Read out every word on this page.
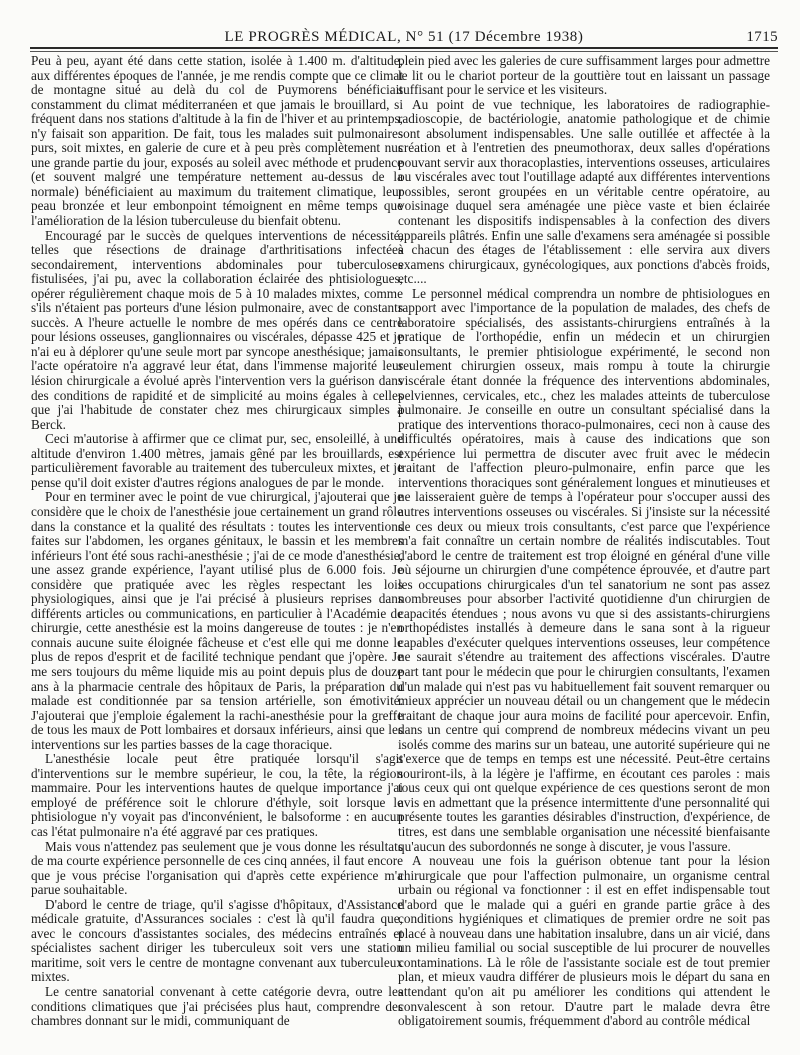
LE PROGRÈS MÉDICAL, N° 51 (17 Décembre 1938)	1715

Peu à peu, ayant été dans cette station, isolée à 1.400 m. d'altitude, aux différentes époques de l'année, je me rendis compte que ce climat de montagne situé au delà du col de Puymorens bénéficiait constamment du climat méditerranéen et que jamais le brouillard, si fréquent dans nos stations d'altitude à la fin de l'hiver et au printemps, n'y faisait son apparition. De fait, tous les malades suit pulmonaires purs, soit mixtes, en galerie de cure et à peu près complètement nus une grande partie du jour, exposés au soleil avec méthode et prudence (et souvent malgré une température nettement au-dessus de la normale) bénéficiaient au maximum du traitement climatique, leur peau bronzée et leur embonpoint témoignent en même temps que l'amélioration de la lésion tuberculeuse du bienfait obtenu.

Encouragé par le succès de quelques interventions de nécessité, telles que résections de drainage d'arthritisations infectées secondairement, interventions abdominales pour tuberculoses fistulisées, j'ai pu, avec la collaboration éclairée des phtisiologues, opérer régulièrement chaque mois de 5 à 10 malades mixtes, comme s'ils n'étaient pas porteurs d'une lésion pulmonaire, avec de constants succès. A l'heure actuelle le nombre de mes opérés dans ce centre pour lésions osseuses, ganglionnaires ou viscérales, dépasse 425 et je n'ai eu à déplorer qu'une seule mort par syncope anesthésique; jamais l'acte opératoire n'a aggravé leur état, dans l'immense majorité leur lésion chirurgicale a évolué après l'intervention vers la guérison dans des conditions de rapidité et de simplicité au moins égales à celles que j'ai l'habitude de constater chez mes chirurgicaux simples à Berck.

Ceci m'autorise à affirmer que ce climat pur, sec, ensoleillé, à une altitude d'environ 1.400 mètres, jamais gêné par les brouillards, est particulièrement favorable au traitement des tuberculeux mixtes, et je pense qu'il doit exister d'autres régions analogues de par le monde.

Pour en terminer avec le point de vue chirurgical, j'ajouterai que je considère que le choix de l'anesthésie joue certainement un grand rôle dans la constance et la qualité des résultats : toutes les interventions faites sur l'abdomen, les organes génitaux, le bassin et les membres inférieurs l'ont été sous rachi-anesthésie ; j'ai de ce mode d'anesthésie, une assez grande expérience, l'ayant utilisé plus de 6.000 fois. Je considère que pratiquée avec les règles respectant les lois physiologiques, ainsi que je l'ai précisé à plusieurs reprises dans différents articles ou communications, en particulier à l'Académie de chirurgie, cette anesthésie est la moins dangereuse de toutes : je n'en connais aucune suite éloignée fâcheuse et c'est elle qui me donne le plus de repos d'esprit et de facilité technique pendant que j'opère. Je me sers toujours du même liquide mis au point depuis plus de douze ans à la pharmacie centrale des hôpitaux de Paris, la préparation du malade est conditionnée par sa tension artérielle, son émotivité. J'ajouterai que j'emploie également la rachi-anesthésie pour la greffe de tous les maux de Pott lombaires et dorsaux inférieurs, ainsi que les interventions sur les parties basses de la cage thoracique.

L'anesthésie locale peut être pratiquée lorsqu'il s'agit d'interventions sur le membre supérieur, le cou, la tête, la région mammaire. Pour les interventions hautes de quelque importance j'ai employé de préférence soit le chlorure d'éthyle, soit lorsque le phtisiologue n'y voyait pas d'inconvénient, le balsoforme : en aucun cas l'état pulmonaire n'a été aggravé par ces pratiques.

Mais vous n'attendez pas seulement que je vous donne les résultats de ma courte expérience personnelle de ces cinq années, il faut encore que je vous précise l'organisation qui d'après cette expérience m'a parue souhaitable.

D'abord le centre de triage, qu'il s'agisse d'hôpitaux, d'Assistance médicale gratuite, d'Assurances sociales : c'est là qu'il faudra que, avec le concours d'assistantes sociales, des médecins entraînés et spécialistes sachent diriger les tuberculeux soit vers une station maritime, soit vers le centre de montagne convenant aux tuberculeux mixtes.

Le centre sanatorial convenant à cette catégorie devra, outre les conditions climatiques que j'ai précisées plus haut, comprendre des chambres donnant sur le midi, communiquant de

plein pied avec les galeries de cure suffisamment larges pour admettre le lit ou le chariot porteur de la gouttière tout en laissant un passage suffisant pour le service et les visiteurs.

Au point de vue technique, les laboratoires de radiographie-radioscopie, de bactériologie, anatomie pathologique et de chimie sont absolument indispensables. Une salle outillée et affectée à la création et à l'entretien des pneumothorax, deux salles d'opérations pouvant servir aux thoracoplasties, interventions osseuses, articulaires ou viscérales avec tout l'outillage adapté aux différentes interventions possibles, seront groupées en un véritable centre opératoire, au voisinage duquel sera aménagée une pièce vaste et bien éclairée contenant les dispositifs indispensables à la confection des divers appareils plâtrés. Enfin une salle d'examens sera aménagée si possible à chacun des étages de l'établissement : elle servira aux divers examens chirurgicaux, gynécologiques, aux ponctions d'abcès froids, etc....

Le personnel médical comprendra un nombre de phtisiologues en rapport avec l'importance de la population de malades, des chefs de laboratoire spécialisés, des assistants-chirurgiens entraînés à la pratique de l'orthopédie, enfin un médecin et un chirurgien consultants, le premier phtisiologue expérimenté, le second non seulement chirurgien osseux, mais rompu à toute la chirurgie viscérale étant donnée la fréquence des interventions abdominales, pelviennes, cervicales, etc., chez les malades atteints de tuberculose pulmonaire. Je conseille en outre un consultant spécialisé dans la pratique des interventions thoraco-pulmonaires, ceci non à cause des difficultés opératoires, mais à cause des indications que son expérience lui permettra de discuter avec fruit avec le médecin traitant de l'affection pleuro-pulmonaire, enfin parce que les interventions thoraciques sont généralement longues et minutieuses et ne laisseraient guère de temps à l'opérateur pour s'occuper aussi des autres interventions osseuses ou viscérales. Si j'insiste sur la nécessité de ces deux ou mieux trois consultants, c'est parce que l'expérience m'a fait connaître un certain nombre de réalités indiscutables. Tout d'abord le centre de traitement est trop éloigné en général d'une ville où séjourne un chirurgien d'une compétence éprouvée, et d'autre part les occupations chirurgicales d'un tel sanatorium ne sont pas assez nombreuses pour absorber l'activité quotidienne d'un chirurgien de capacités étendues ; nous avons vu que si des assistants-chirurgiens orthopédistes installés à demeure dans le sana sont à la rigueur capables d'exécuter quelques interventions osseuses, leur compétence ne saurait s'étendre au traitement des affections viscérales. D'autre part tant pour le médecin que pour le chirurgien consultants, l'examen d'un malade qui n'est pas vu habituellement fait souvent remarquer ou mieux apprécier un nouveau détail ou un changement que le médecin traitant de chaque jour aura moins de facilité pour apercevoir. Enfin, dans un centre qui comprend de nombreux médecins vivant un peu isolés comme des marins sur un bateau, une autorité supérieure qui ne s'exerce que de temps en temps est une nécessité. Peut-être certains souriront-ils, à la légère je l'affirme, en écoutant ces paroles : mais tous ceux qui ont quelque expérience de ces questions seront de mon avis en admettant que la présence intermittente d'une personnalité qui présente toutes les garanties désirables d'instruction, d'expérience, de titres, est dans une semblable organisation une nécessité bienfaisante qu'aucun des subordonnés ne songe à discuter, je vous l'assure.

A nouveau une fois la guérison obtenue tant pour la lésion chirurgicale que pour l'affection pulmonaire, un organisme central urbain ou régional va fonctionner : il est en effet indispensable tout d'abord que le malade qui a guéri en grande partie grâce à des conditions hygiéniques et climatiques de premier ordre ne soit pas placé à nouveau dans une habitation insalubre, dans un air vicié, dans un milieu familial ou social susceptible de lui procurer de nouvelles contaminations. Là le rôle de l'assistante sociale est de tout premier plan, et mieux vaudra différer de plusieurs mois le départ du sana en attendant qu'on ait pu améliorer les conditions qui attendent le convalescent à son retour. D'autre part le malade devra être obligatoirement soumis, fréquemment d'abord au contrôle médical
